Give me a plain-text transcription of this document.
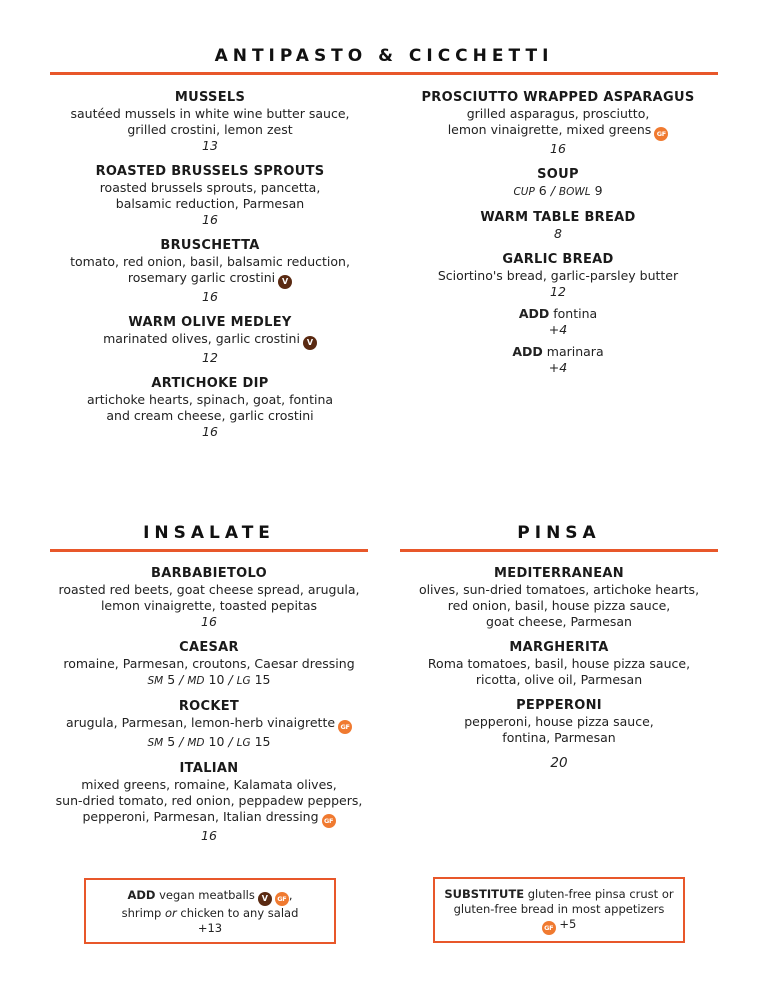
ANTIPASTO & CICCHETTI
MUSSELS
sautéed mussels in white wine butter sauce,
grilled crostini, lemon zest
13
ROASTED BRUSSELS SPROUTS
roasted brussels sprouts, pancetta,
balsamic reduction, Parmesan
16
BRUSCHETTA
tomato, red onion, basil, balsamic reduction,
rosemary garlic crostini V
16
WARM OLIVE MEDLEY
marinated olives, garlic crostini V
12
ARTICHOKE DIP
artichoke hearts, spinach, goat, fontina
and cream cheese, garlic crostini
16
PROSCIUTTO WRAPPED ASPARAGUS
grilled asparagus, prosciutto,
lemon vinaigrette, mixed greens GF
16
SOUP
CUP 6 / BOWL 9
WARM TABLE BREAD
8
GARLIC BREAD
Sciortino's bread, garlic-parsley butter
12
ADD fontina
+4
ADD marinara
+4
INSALATE	PINSA
BARBABIETOLO
roasted red beets, goat cheese spread, arugula,
lemon vinaigrette, toasted pepitas
16
CAESAR
romaine, Parmesan, croutons, Caesar dressing
SM 5 / MD 10 / LG 15
ROCKET
arugula, Parmesan, lemon-herb vinaigrette GF
SM 5 / MD 10 / LG 15
ITALIAN
mixed greens, romaine, Kalamata olives,
sun-dried tomato, red onion, peppadew peppers,
pepperoni, Parmesan, Italian dressing GF
16
MEDITERRANEAN
olives, sun-dried tomatoes, artichoke hearts,
red onion, basil, house pizza sauce,
goat cheese, Parmesan
MARGHERITA
Roma tomatoes, basil, house pizza sauce,
ricotta, olive oil, Parmesan
PEPPERONI
pepperoni, house pizza sauce,
fontina, Parmesan
20
ADD vegan meatballs V GF ,
shrimp or chicken to any salad
+13
SUBSTITUTE gluten-free pinsa crust or
gluten-free bread in most appetizers
GF +5
